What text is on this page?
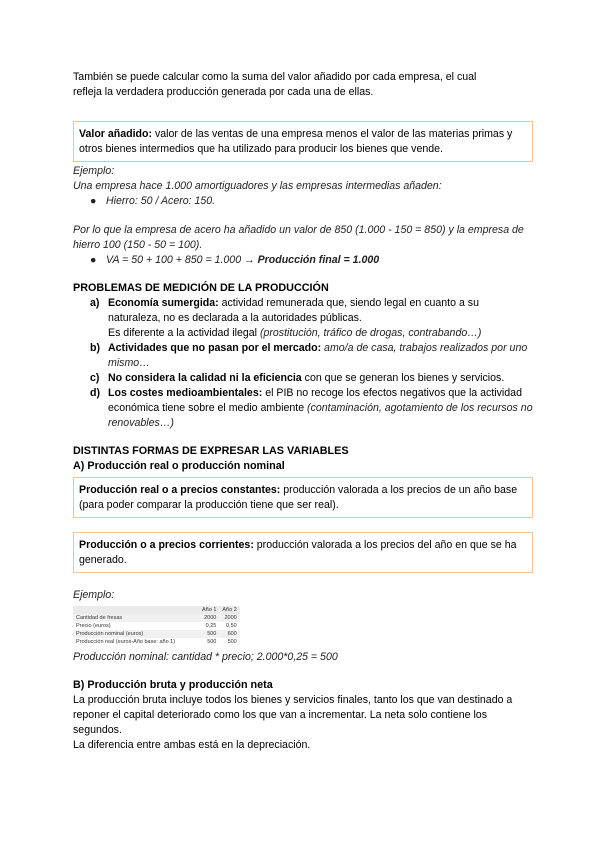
También se puede calcular como la suma del valor añadido por cada empresa, el cual
refleja la verdadera producción generada por cada una de ellas.

Valor añadido: valor de las ventas de una empresa menos el valor de las materias primas y otros bienes intermedios que ha utilizado para producir los bienes que vende.

Ejemplo:

Una empresa hace 1.000 amortiguadores y las empresas intermedias añaden:

● Hierro: 50 / Acero: 150.

Por lo que la empresa de acero ha añadido un valor de 850 (1.000 - 150 = 850) y la empresa de hierro 100 (150 - 50 = 100).

● VA = 50 + 100 + 850 = 1.000 → Producción final = 1.000
PROBLEMAS DE MEDICIÓN DE LA PRODUCCIÓN
a) Economía sumergida: actividad remunerada que, siendo legal en cuanto a su naturaleza, no es declarada a la autoridades públicas.
Es diferente a la actividad ilegal (prostitución, tráfico de drogas, contrabando…)
b) Actividades que no pasan por el mercado: amo/a de casa, trabajos realizados por uno mismo…
c) No considera la calidad ni la eficiencia con que se generan los bienes y servicios.
d) Los costes medioambientales: el PIB no recoge los efectos negativos que la actividad económica tiene sobre el medio ambiente (contaminación, agotamiento de los recursos no renovables…)
DISTINTAS FORMAS DE EXPRESAR LAS VARIABLES
A) Producción real o producción nominal
Producción real o a precios constantes: producción valorada a los precios de un año base (para poder comparar la producción tiene que ser real).
Producción o a precios corrientes: producción valorada a los precios del año en que se ha generado.

Ejemplo:

	Año 1	Año 2
Cantidad de fresas	2000	2000
Precio (euros)	0,25	0,50
Producción nominal (euros)	500	600
Producción real (euros-Año base: año 1)	500	500

Producción nominal: cantidad * precio; 2.000*0,25 = 500

B) Producción bruta y producción neta

La producción bruta incluye todos los bienes y servicios finales, tanto los que van destinado a reponer el capital deteriorado como los que van a incrementar. La neta solo contiene los segundos.

La diferencia entre ambas está en la depreciación.
